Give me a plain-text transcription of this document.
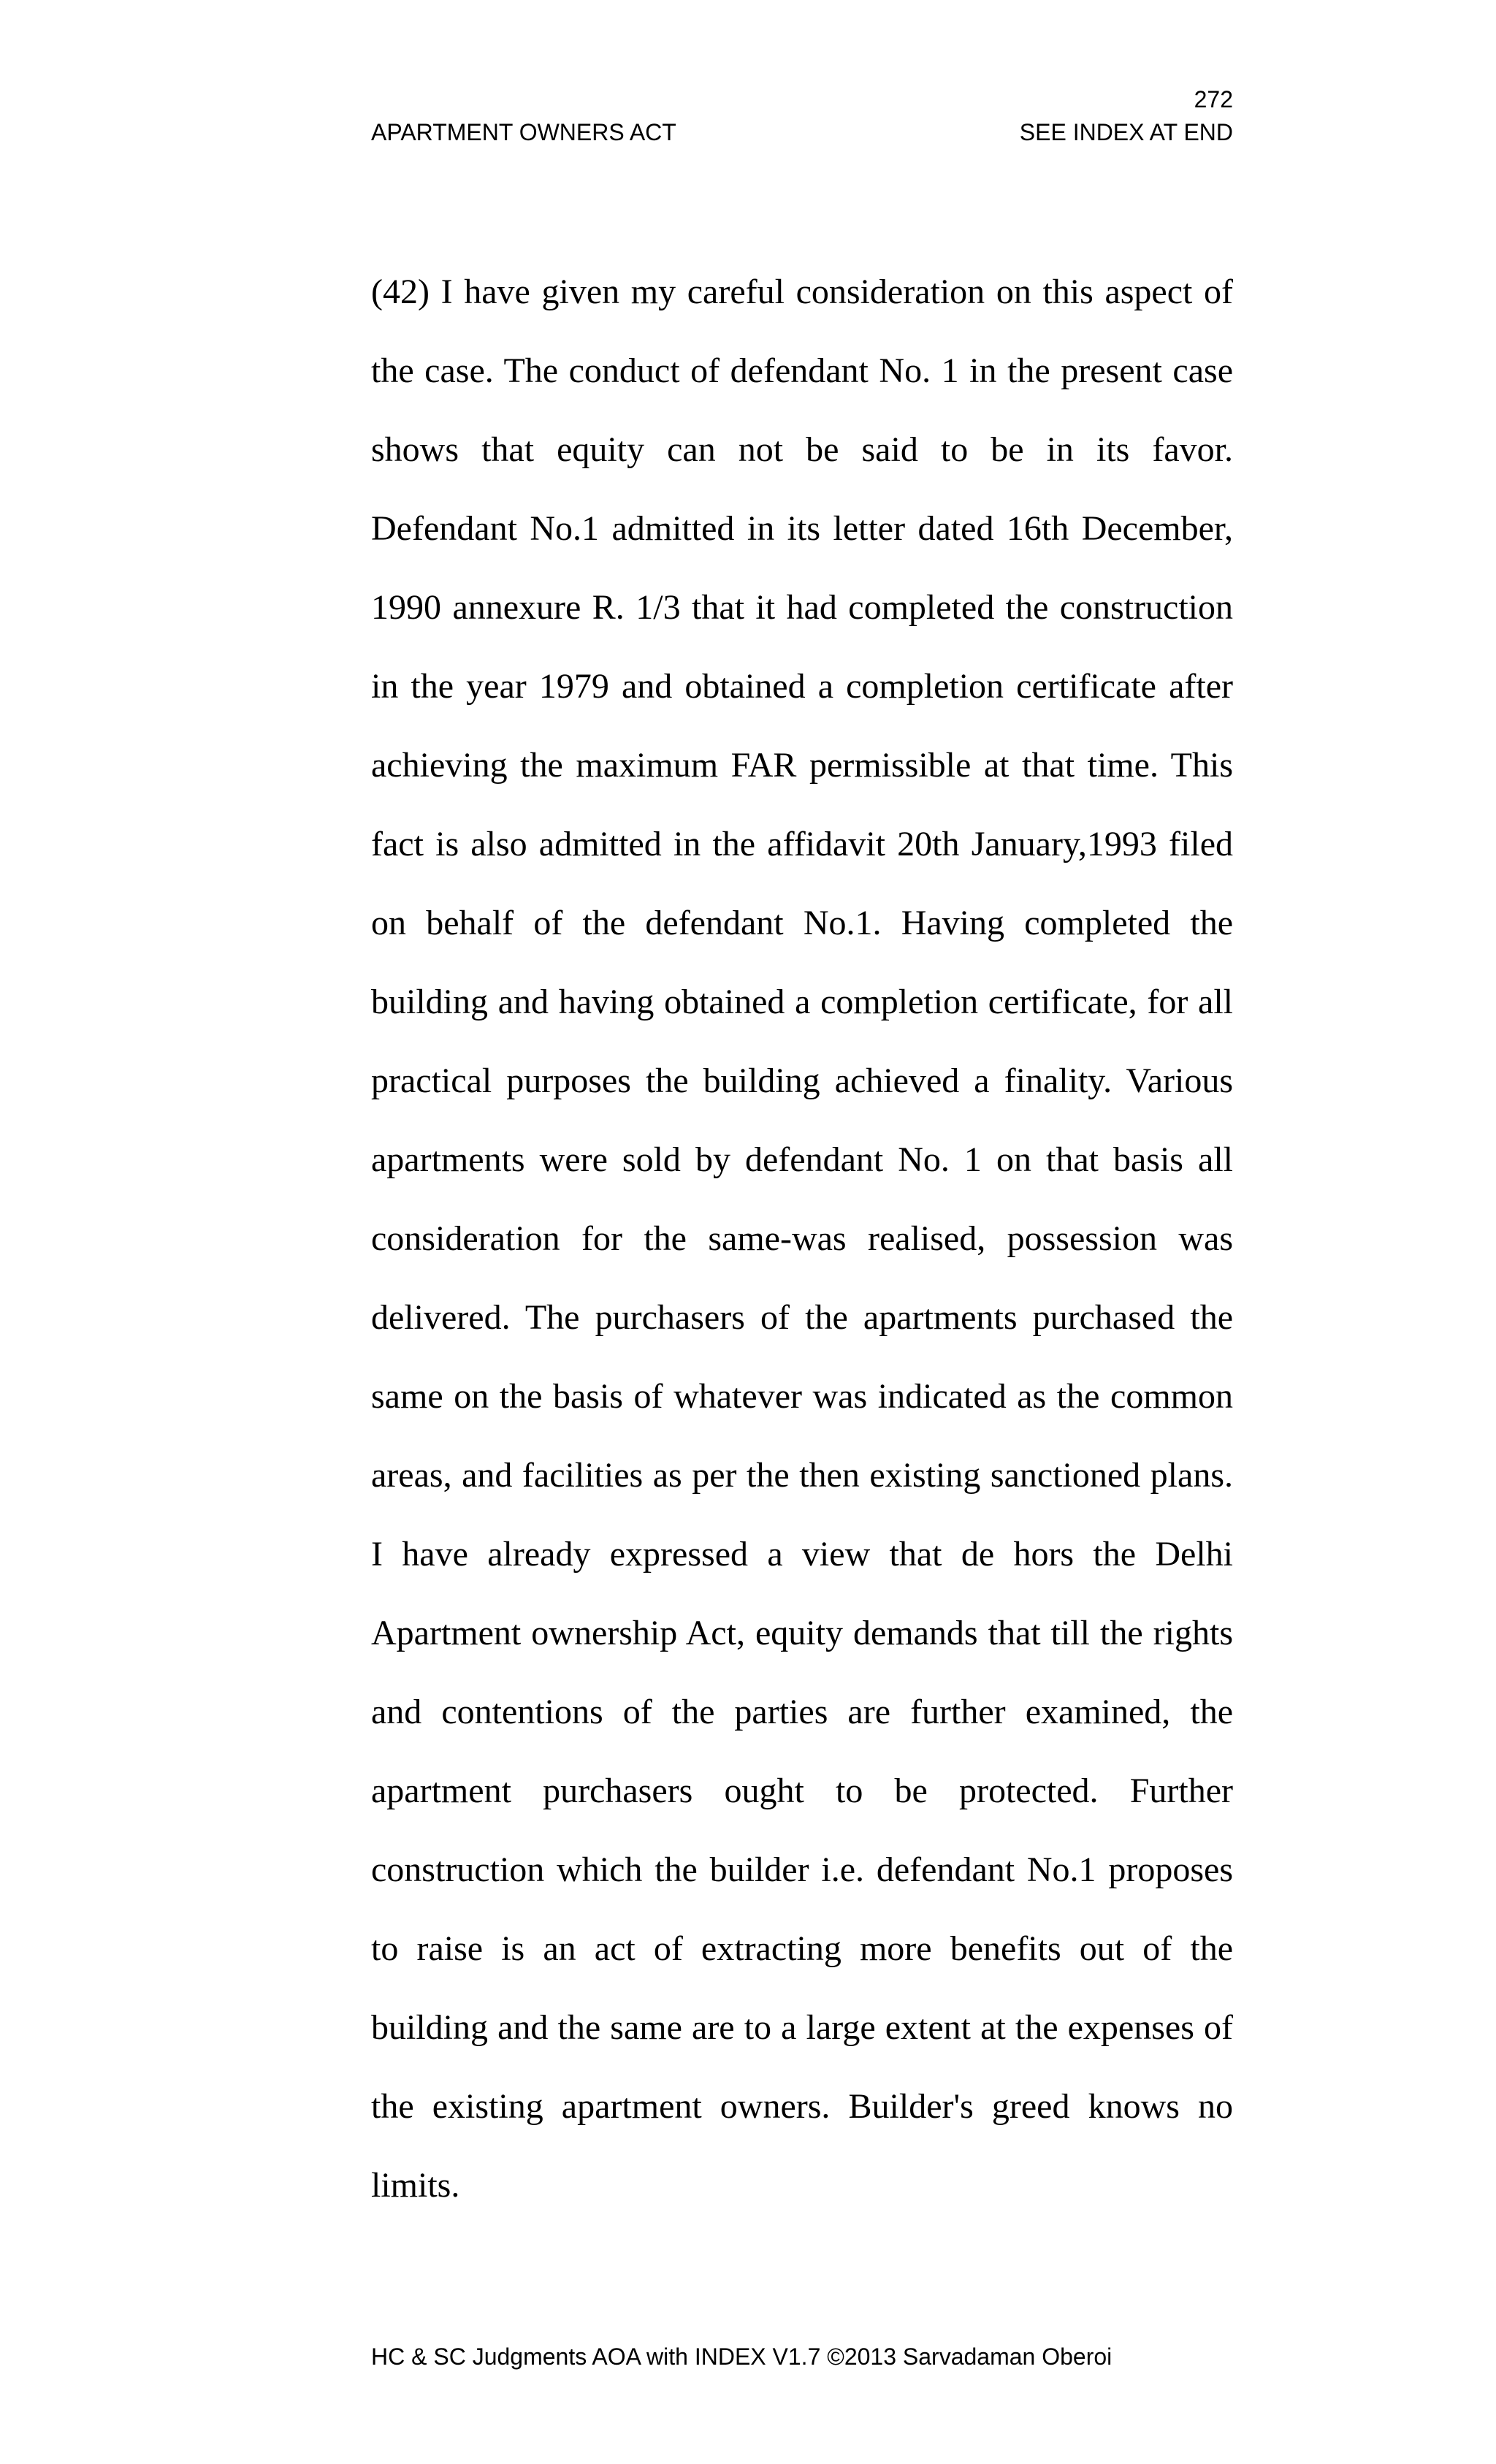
272
APARTMENT OWNERS ACT	SEE INDEX AT END

(42) I have given my careful consideration on this aspect of the case. The conduct of defendant No. 1 in the present case shows that equity can not be said to be in its favor. Defendant No.1 admitted in its letter dated 16th December, 1990 annexure R. 1/3 that it had completed the construction in the year 1979 and obtained a completion certificate after achieving the maximum FAR permissible at that time. This fact is also admitted in the affidavit 20th January,1993 filed on behalf of the defendant No.1. Having completed the building and having obtained a completion certificate, for all practical purposes the building achieved a finality. Various apartments were sold by defendant No. 1 on that basis all consideration for the same-was realised, possession was delivered. The purchasers of the apartments purchased the same on the basis of whatever was indicated as the common areas, and facilities as per the then existing sanctioned plans. I have already expressed a view that de hors the Delhi Apartment ownership Act, equity demands that till the rights and contentions of the parties are further examined, the apartment purchasers ought to be protected. Further construction which the builder i.e. defendant No.1 proposes to raise is an act of extracting more benefits out of the building and the same are to a large extent at the expenses of the existing apartment owners. Builder's greed knows no limits.

HC & SC Judgments AOA with INDEX V1.7 ©2013 Sarvadaman Oberoi
